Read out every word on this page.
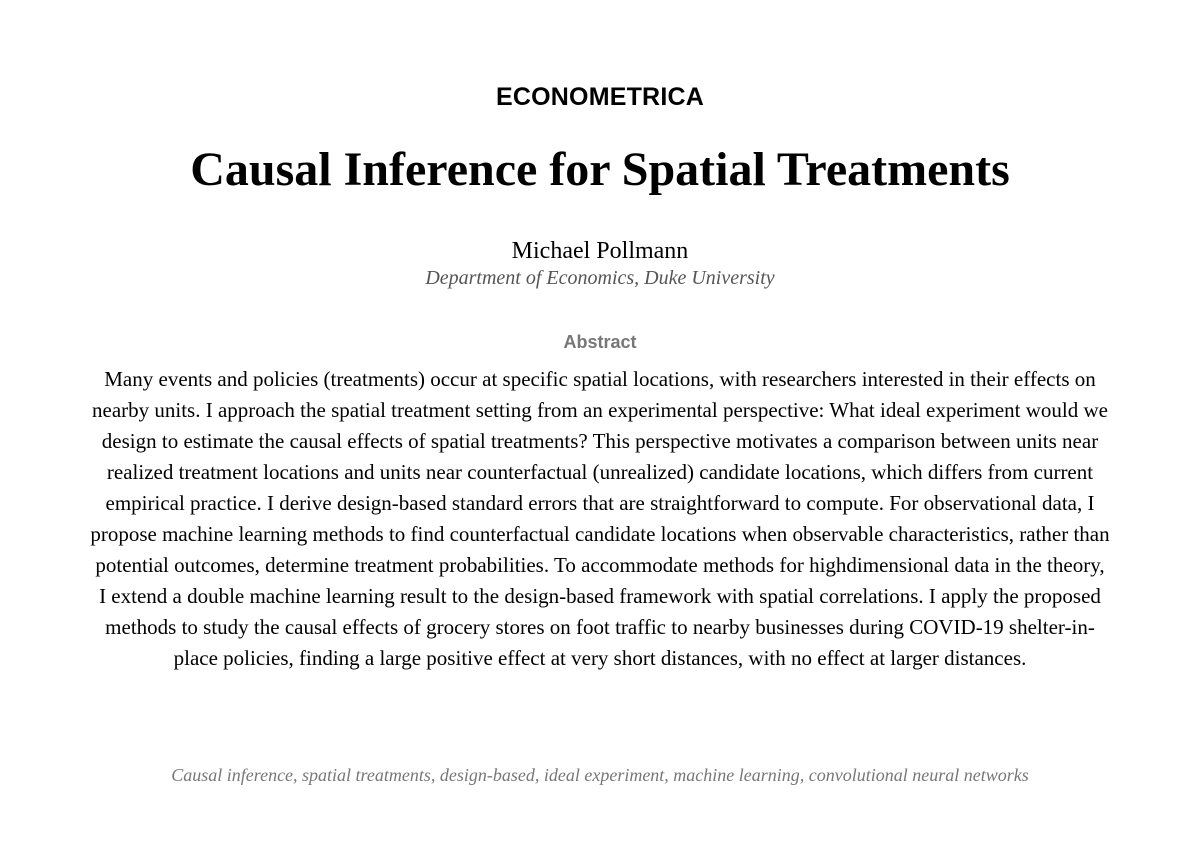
ECONOMETRICA
Causal Inference for Spatial Treatments
Michael Pollmann
Department of Economics, Duke University
Abstract
Many events and policies (treatments) occur at specific spatial locations, with researchers interested in their effects on nearby units. I approach the spatial treatment setting from an experimental perspective: What ideal experiment would we design to estimate the causal effects of spatial treatments? This perspective motivates a comparison between units near realized treatment locations and units near counterfactual (unrealized) candidate locations, which differs from current empirical practice. I derive design-based standard errors that are straightforward to compute. For observational data, I propose machine learning methods to find counterfactual candidate locations when observable characteristics, rather than potential outcomes, determine treatment probabilities. To accommodate methods for highdimensional data in the theory, I extend a double machine learning result to the design-based framework with spatial correlations. I apply the proposed methods to study the causal effects of grocery stores on foot traffic to nearby businesses during COVID-19 shelter-in-place policies, finding a large positive effect at very short distances, with no effect at larger distances.
Causal inference, spatial treatments, design-based, ideal experiment, machine learning, convolutional neural networks
